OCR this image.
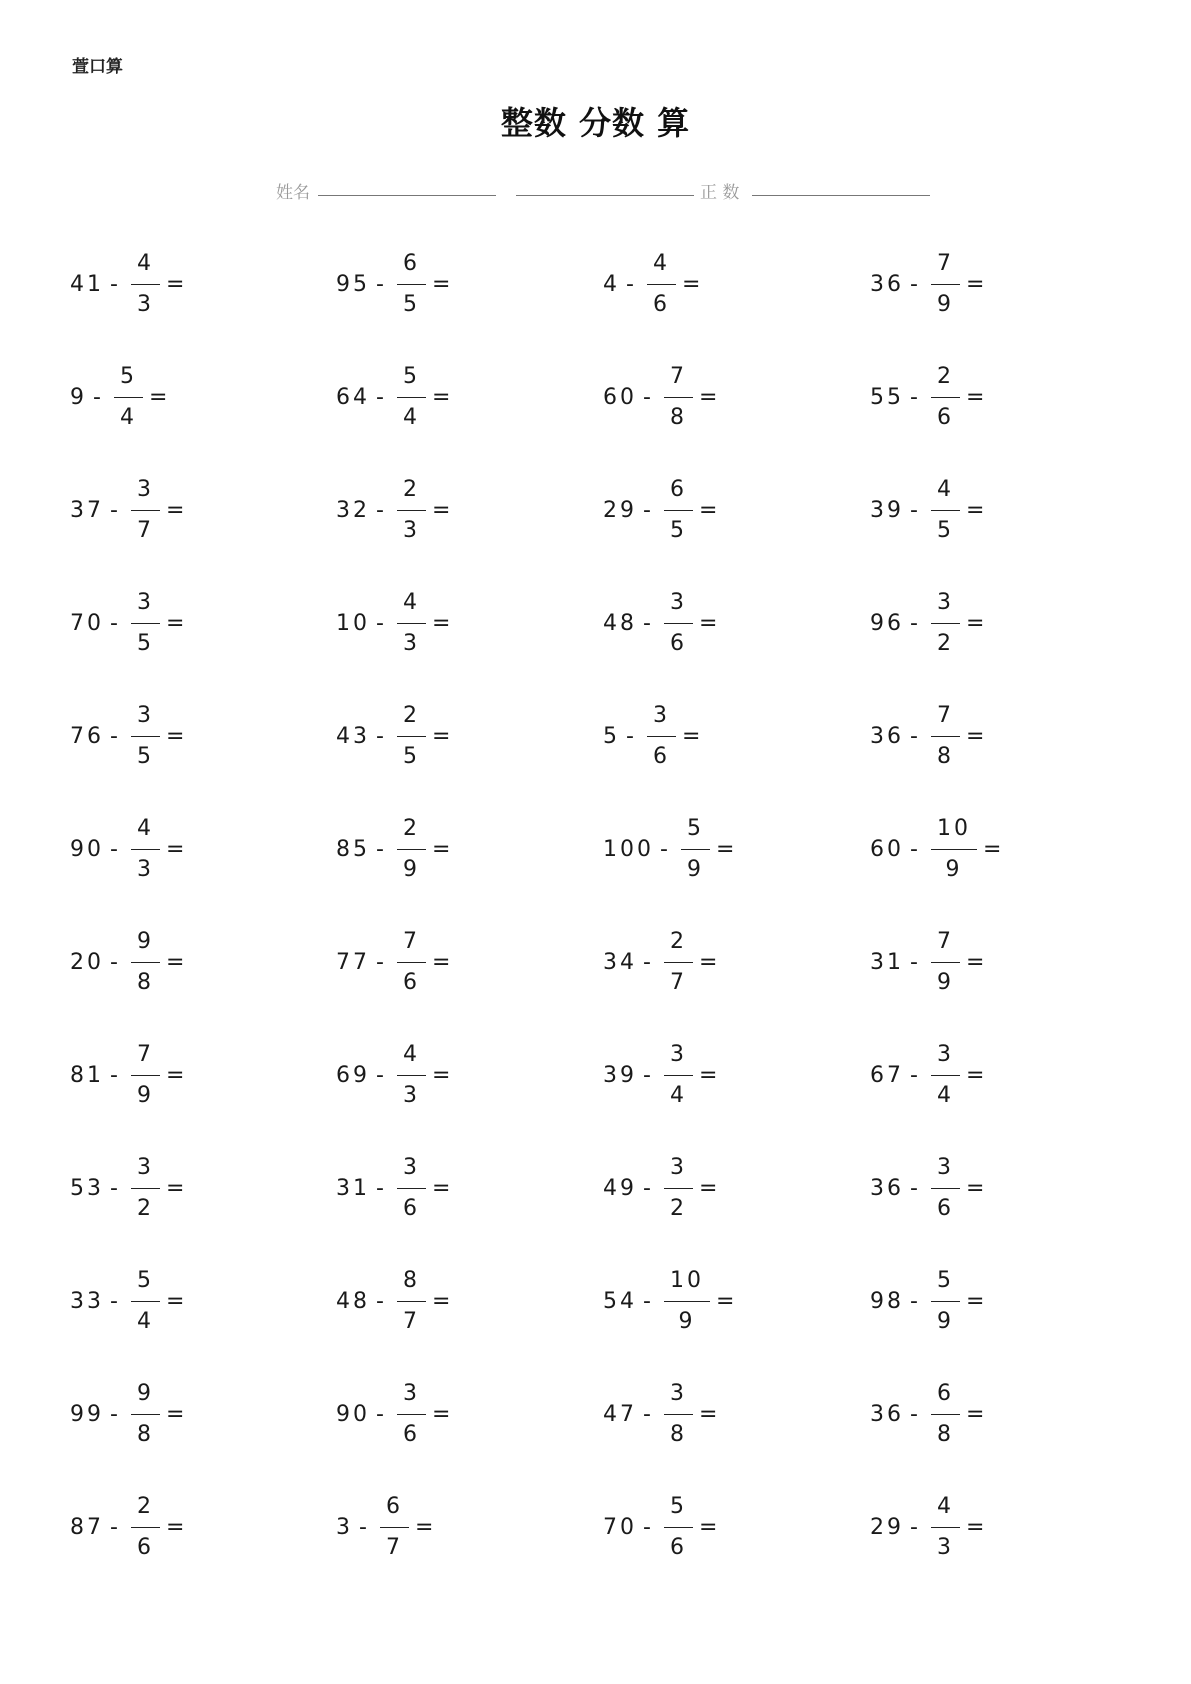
萱口算
整数 分数 算
姓名	正 数
$41 - \frac{4}{3}$ =	$95 - \frac{6}{5}$ =	$4 - \frac{4}{6}$ =	$36 - \frac{7}{9}$ =
$9 - \frac{5}{4}$ =	$64 - \frac{5}{4}$ =	$60 - \frac{7}{8}$ =	$55 - \frac{2}{6}$ =
$37 - \frac{3}{7}$ =	$32 - \frac{2}{3}$ =	$29 - \frac{6}{5}$ =	$39 - \frac{4}{5}$ =
$70 - \frac{3}{5}$ =	$10 - \frac{4}{3}$ =	$48 - \frac{3}{6}$ =	$96 - \frac{3}{2}$ =
$76 - \frac{3}{5}$ =	$43 - \frac{2}{5}$ =	$5 - \frac{3}{6}$ =	$36 - \frac{7}{8}$ =
$90 - \frac{4}{3}$ =	$85 - \frac{2}{9}$ =	$100 - \frac{5}{9}$ =	$60 - \frac{10}{9}$ =
$20 - \frac{9}{8}$ =	$77 - \frac{7}{6}$ =	$34 - \frac{2}{7}$ =	$31 - \frac{7}{9}$ =
$81 - \frac{7}{9}$ =	$69 - \frac{4}{3}$ =	$39 - \frac{3}{4}$ =	$67 - \frac{3}{4}$ =
$53 - \frac{3}{2}$ =	$31 - \frac{3}{6}$ =	$49 - \frac{3}{2}$ =	$36 - \frac{3}{6}$ =
$33 - \frac{5}{4}$ =	$48 - \frac{8}{7}$ =	$54 - \frac{10}{9}$ =	$98 - \frac{5}{9}$ =
$99 - \frac{9}{8}$ =	$90 - \frac{3}{6}$ =	$47 - \frac{3}{8}$ =	$36 - \frac{6}{8}$ =
$87 - \frac{2}{6}$ =	$3 - \frac{6}{7}$ =	$70 - \frac{5}{6}$ =	$29 - \frac{4}{3}$ =
